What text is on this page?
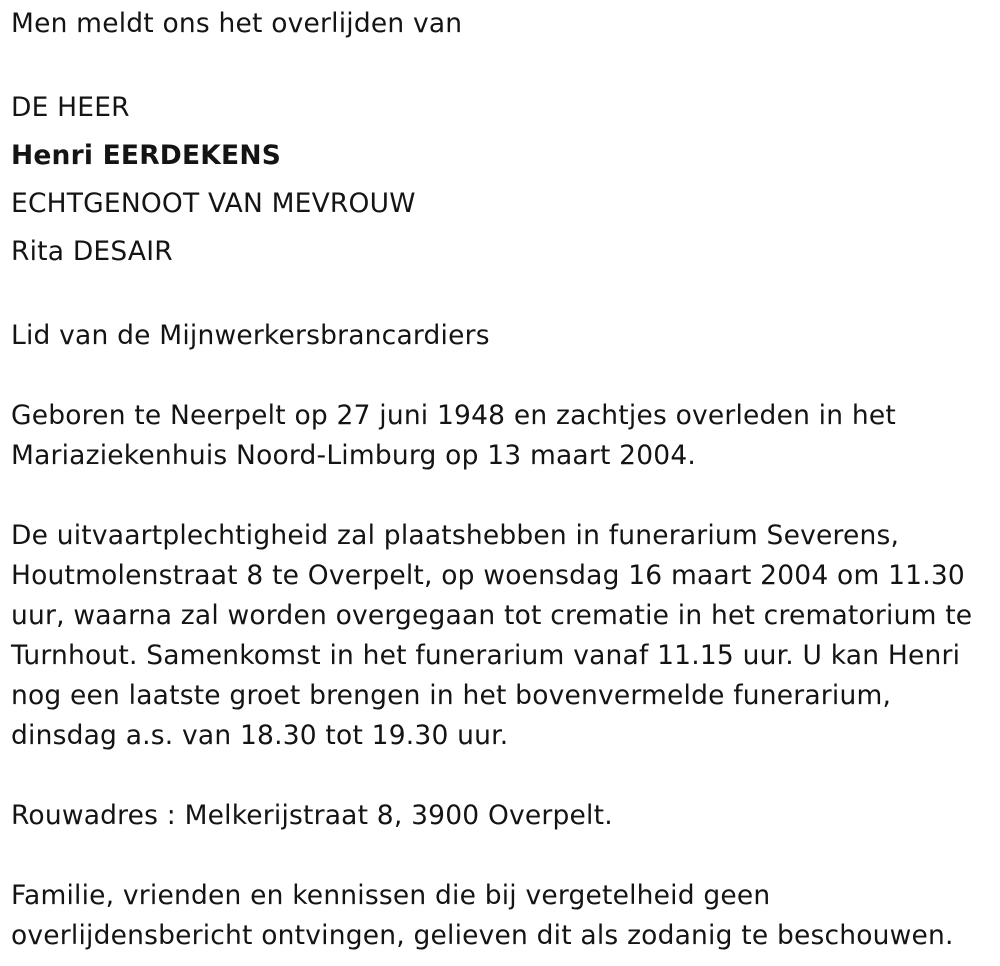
Men meldt ons het overlijden van
DE HEER
Henri EERDEKENS
ECHTGENOOT VAN MEVROUW
Rita DESAIR
Lid van de Mijnwerkersbrancardiers
Geboren te Neerpelt op 27 juni 1948 en zachtjes overleden in het
Mariaziekenhuis Noord-Limburg op 13 maart 2004.
De uitvaartplechtigheid zal plaatshebben in funerarium Severens,
Houtmolenstraat 8 te Overpelt, op woensdag 16 maart 2004 om 11.30
uur, waarna zal worden overgegaan tot crematie in het crematorium te
Turnhout. Samenkomst in het funerarium vanaf 11.15 uur. U kan Henri
nog een laatste groet brengen in het bovenvermelde funerarium,
dinsdag a.s. van 18.30 tot 19.30 uur.
Rouwadres : Melkerijstraat 8, 3900 Overpelt.
Familie, vrienden en kennissen die bij vergetelheid geen
overlijdensbericht ontvingen, gelieven dit als zodanig te beschouwen.
